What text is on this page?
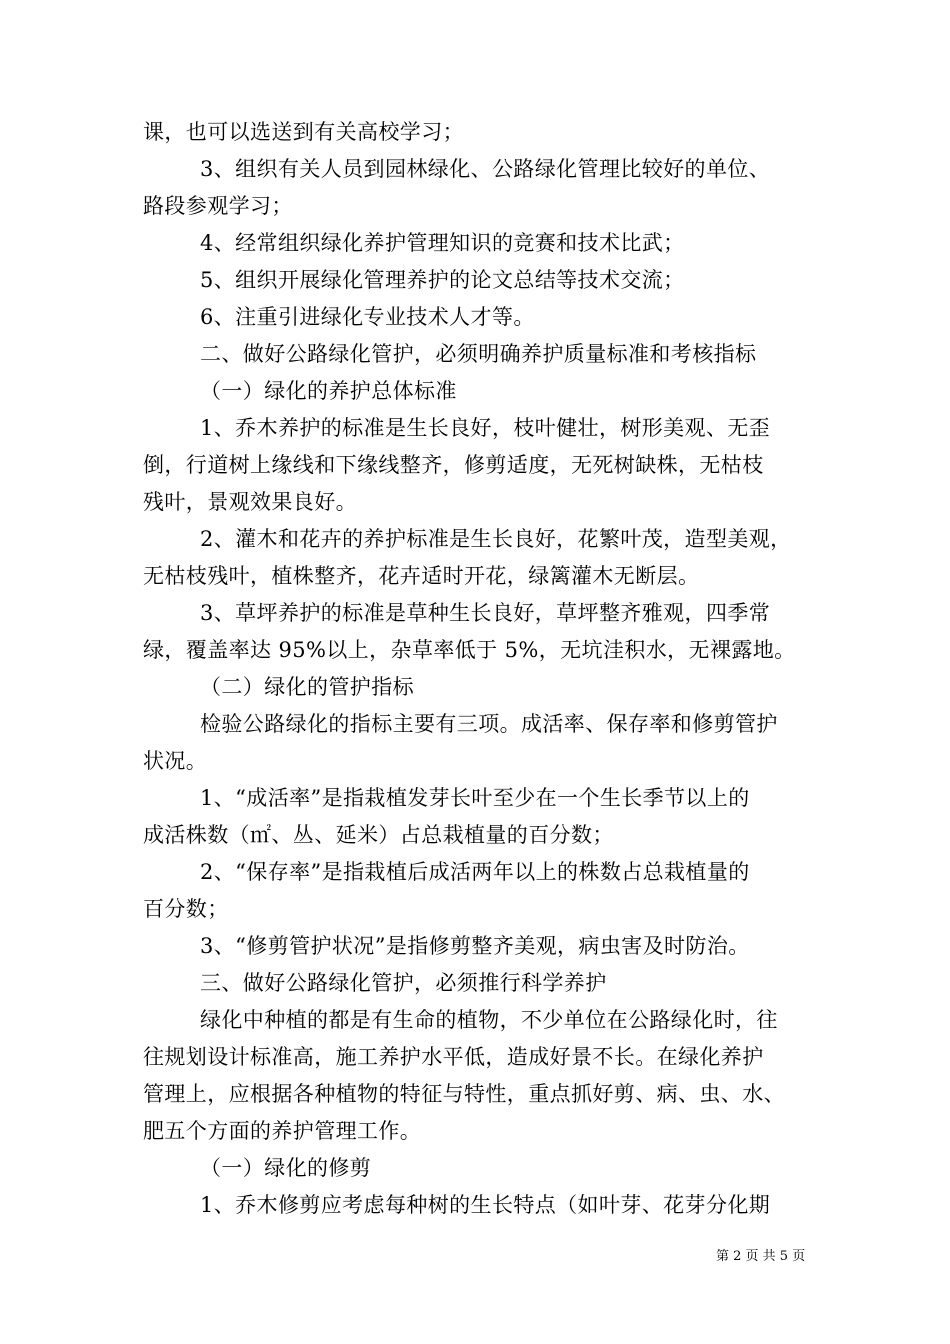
课，也可以选送到有关高校学习；
3、组织有关人员到园林绿化、公路绿化管理比较好的单位、
路段参观学习；
4、经常组织绿化养护管理知识的竞赛和技术比武；
5、组织开展绿化管理养护的论文总结等技术交流；
6、注重引进绿化专业技术人才等。
二、做好公路绿化管护，必须明确养护质量标准和考核指标
（一）绿化的养护总体标准
1、乔木养护的标准是生长良好，枝叶健壮，树形美观、无歪
倒，行道树上缘线和下缘线整齐，修剪适度，无死树缺株，无枯枝
残叶，景观效果良好。
2、灌木和花卉的养护标准是生长良好，花繁叶茂，造型美观，
无枯枝残叶，植株整齐，花卉适时开花，绿篱灌木无断层。
3、草坪养护的标准是草种生长良好，草坪整齐雅观，四季常
绿，覆盖率达 95%以上，杂草率低于 5%，无坑洼积水，无裸露地。
（二）绿化的管护指标
检验公路绿化的指标主要有三项。成活率、保存率和修剪管护
状况。
1、“成活率”是指栽植发芽长叶至少在一个生长季节以上的
成活株数（㎡、丛、延米）占总栽植量的百分数；
2、“保存率”是指栽植后成活两年以上的株数占总栽植量的
百分数；
3、“修剪管护状况”是指修剪整齐美观，病虫害及时防治。
三、做好公路绿化管护，必须推行科学养护
绿化中种植的都是有生命的植物，不少单位在公路绿化时，往
往规划设计标准高，施工养护水平低，造成好景不长。在绿化养护
管理上，应根据各种植物的特征与特性，重点抓好剪、病、虫、水、
肥五个方面的养护管理工作。
（一）绿化的修剪
1、乔木修剪应考虑每种树的生长特点（如叶芽、花芽分化期
第 2 页 共 5 页
